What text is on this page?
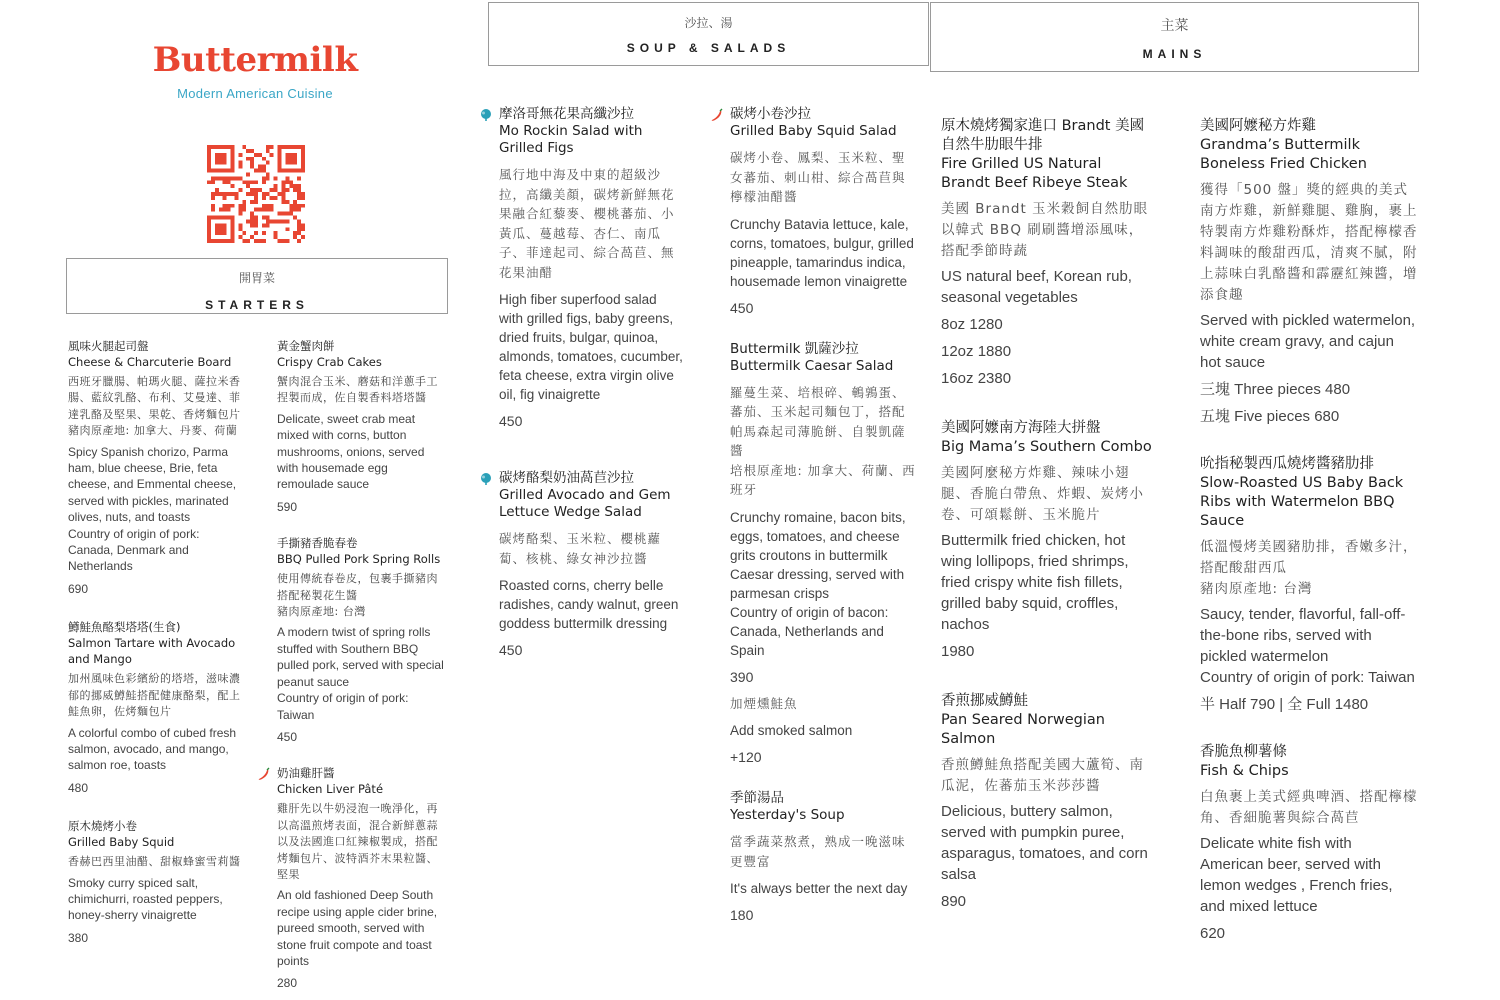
Buttermilk
Modern American Cuisine
開胃菜
STARTERS
沙拉、湯
SOUP & SALADS
主菜
MAINS
風味火腿起司盤
Cheese & Charcuterie Board
西班牙臘腸、帕瑪火腿、薩拉米香腸、藍紋乳酪、布利、艾曼達、菲達乳酪及堅果、果乾、香烤麵包片
豬肉原產地: 加拿大、丹麥、荷蘭
Spicy Spanish chorizo, Parma ham, blue cheese, Brie, feta cheese, and Emmental cheese, served with pickles, marinated olives, nuts, and toasts
Country of origin of pork: Canada, Denmark and Netherlands
690
鱒鮭魚酪梨塔塔(生食)
Salmon Tartare with Avocado and Mango
加州風味色彩繽紛的塔塔，滋味濃郁的挪威鱒鮭搭配健康酪梨，配上鮭魚卵，佐烤麵包片
A colorful combo of cubed fresh salmon, avocado, and mango, salmon roe, toasts
480
原木燒烤小卷
Grilled Baby Squid
香赫巴西里油醋、甜椒蜂蜜雪莉醬
Smoky curry spiced salt, chimichurri, roasted peppers, honey-sherry vinaigrette
380
黃金蟹肉餅
Crispy Crab Cakes
蟹肉混合玉米、蘑菇和洋蔥手工捏製而成，佐自製香料塔塔醬
Delicate, sweet crab meat mixed with corns, button mushrooms, onions, served with housemade egg remoulade sauce
590
手撕豬香脆春卷
BBQ Pulled Pork Spring Rolls
使用傳統春卷皮，包裹手撕豬肉搭配秘製花生醬
豬肉原產地: 台灣
A modern twist of spring rolls stuffed with Southern BBQ pulled pork, served with special peanut sauce
Country of origin of pork: Taiwan
450
奶油雞肝醬
Chicken Liver Pâté
雞肝先以牛奶浸泡一晚淨化，再以高溫煎烤表面，混合新鮮蔥蒜以及法國進口紅辣椒製成，搭配烤麵包片、波特酒芥末果粒醬、堅果
An old fashioned Deep South recipe using apple cider brine, pureed smooth, served with stone fruit compote and toast points
280
摩洛哥無花果高纖沙拉
Mo Rockin Salad with Grilled Figs
風行地中海及中東的超級沙拉，高纖美顏，碳烤新鮮無花果融合紅藜麥、櫻桃蕃茄、小黃瓜、蔓越莓、杏仁、南瓜子、菲達起司、綜合萵苣、無花果油醋
High fiber superfood salad with grilled figs, baby greens, dried fruits, bulgar, quinoa, almonds, tomatoes, cucumber, feta cheese, extra virgin olive oil, fig vinaigrette
450
碳烤酪梨奶油萵苣沙拉
Grilled Avocado and Gem Lettuce Wedge Salad
碳烤酪梨、玉米粒、櫻桃蘿蔔、核桃、綠女神沙拉醬
Roasted corns, cherry belle radishes, candy walnut, green goddess buttermilk dressing
450
碳烤小卷沙拉
Grilled Baby Squid Salad
碳烤小卷、鳳梨、玉米粒、聖女蕃茄、刺山柑、綜合萵苣與檸檬油醋醬
Crunchy Batavia lettuce, kale, corns, tomatoes, bulgur, grilled pineapple, tamarindus indica, housemade lemon vinaigrette
450
Buttermilk 凱薩沙拉
Buttermilk Caesar Salad
羅蔓生菜、培根碎、鵪鶉蛋、蕃茄、玉米起司麵包丁，搭配帕馬森起司薄脆餅、自製凱薩醬
培根原產地: 加拿大、荷蘭、西班牙
Crunchy romaine, bacon bits, eggs, tomatoes, and cheese grits croutons in buttermilk Caesar dressing, served with parmesan crisps
Country of origin of bacon: Canada, Netherlands and Spain
390
加煙燻鮭魚
Add smoked salmon
+120
季節湯品
Yesterday's Soup
當季蔬菜熬煮，熟成一晚滋味更豐富
It's always better the next day
180
原木燒烤獨家進口 Brandt 美國自然牛肋眼牛排
Fire Grilled US Natural Brandt Beef Ribeye Steak
美國 Brandt 玉米穀飼自然肋眼以韓式 BBQ 刷刷醬增添風味，搭配季節時蔬
US natural beef, Korean rub, seasonal vegetables
8oz 1280
12oz 1880
16oz 2380
美國阿嬤南方海陸大拼盤
Big Mama’s Southern Combo
美國阿麼秘方炸雞、辣味小翅腿、香脆白帶魚、炸蝦、炭烤小卷、可頌鬆餅、玉米脆片
Buttermilk fried chicken, hot wing lollipops, fried shrimps, fried crispy white fish fillets, grilled baby squid, croffles, nachos
1980
香煎挪威鱒鮭
Pan Seared Norwegian Salmon
香煎鱒鮭魚搭配美國大蘆筍、南瓜泥，佐蕃茄玉米莎莎醬
Delicious, buttery salmon, served with pumpkin puree, asparagus, tomatoes, and corn salsa
890
美國阿嬤秘方炸雞
Grandma’s Buttermilk Boneless Fried Chicken
獲得「500 盤」獎的經典的美式南方炸雞，新鮮雞腿、雞胸，裹上特製南方炸雞粉酥炸，搭配檸檬香料調味的酸甜西瓜，清爽不膩，附上蒜味白乳酪醬和霹靂紅辣醬，增添食趣
Served with pickled watermelon, white cream gravy, and cajun hot sauce
三塊 Three pieces 480
五塊 Five pieces 680
吮指秘製西瓜燒烤醬豬肋排
Slow-Roasted US Baby Back Ribs with Watermelon BBQ Sauce
低溫慢烤美國豬肋排，香嫩多汁，搭配酸甜西瓜
豬肉原產地: 台灣
Saucy, tender, flavorful, fall-off-the-bone ribs, served with pickled watermelon
Country of origin of pork: Taiwan
半 Half 790 | 全 Full 1480
香脆魚柳薯條
Fish & Chips
白魚裹上美式經典啤酒、搭配檸檬角、香細脆薯與綜合萵苣
Delicate white fish with American beer, served with lemon wedges , French fries, and mixed lettuce
620
